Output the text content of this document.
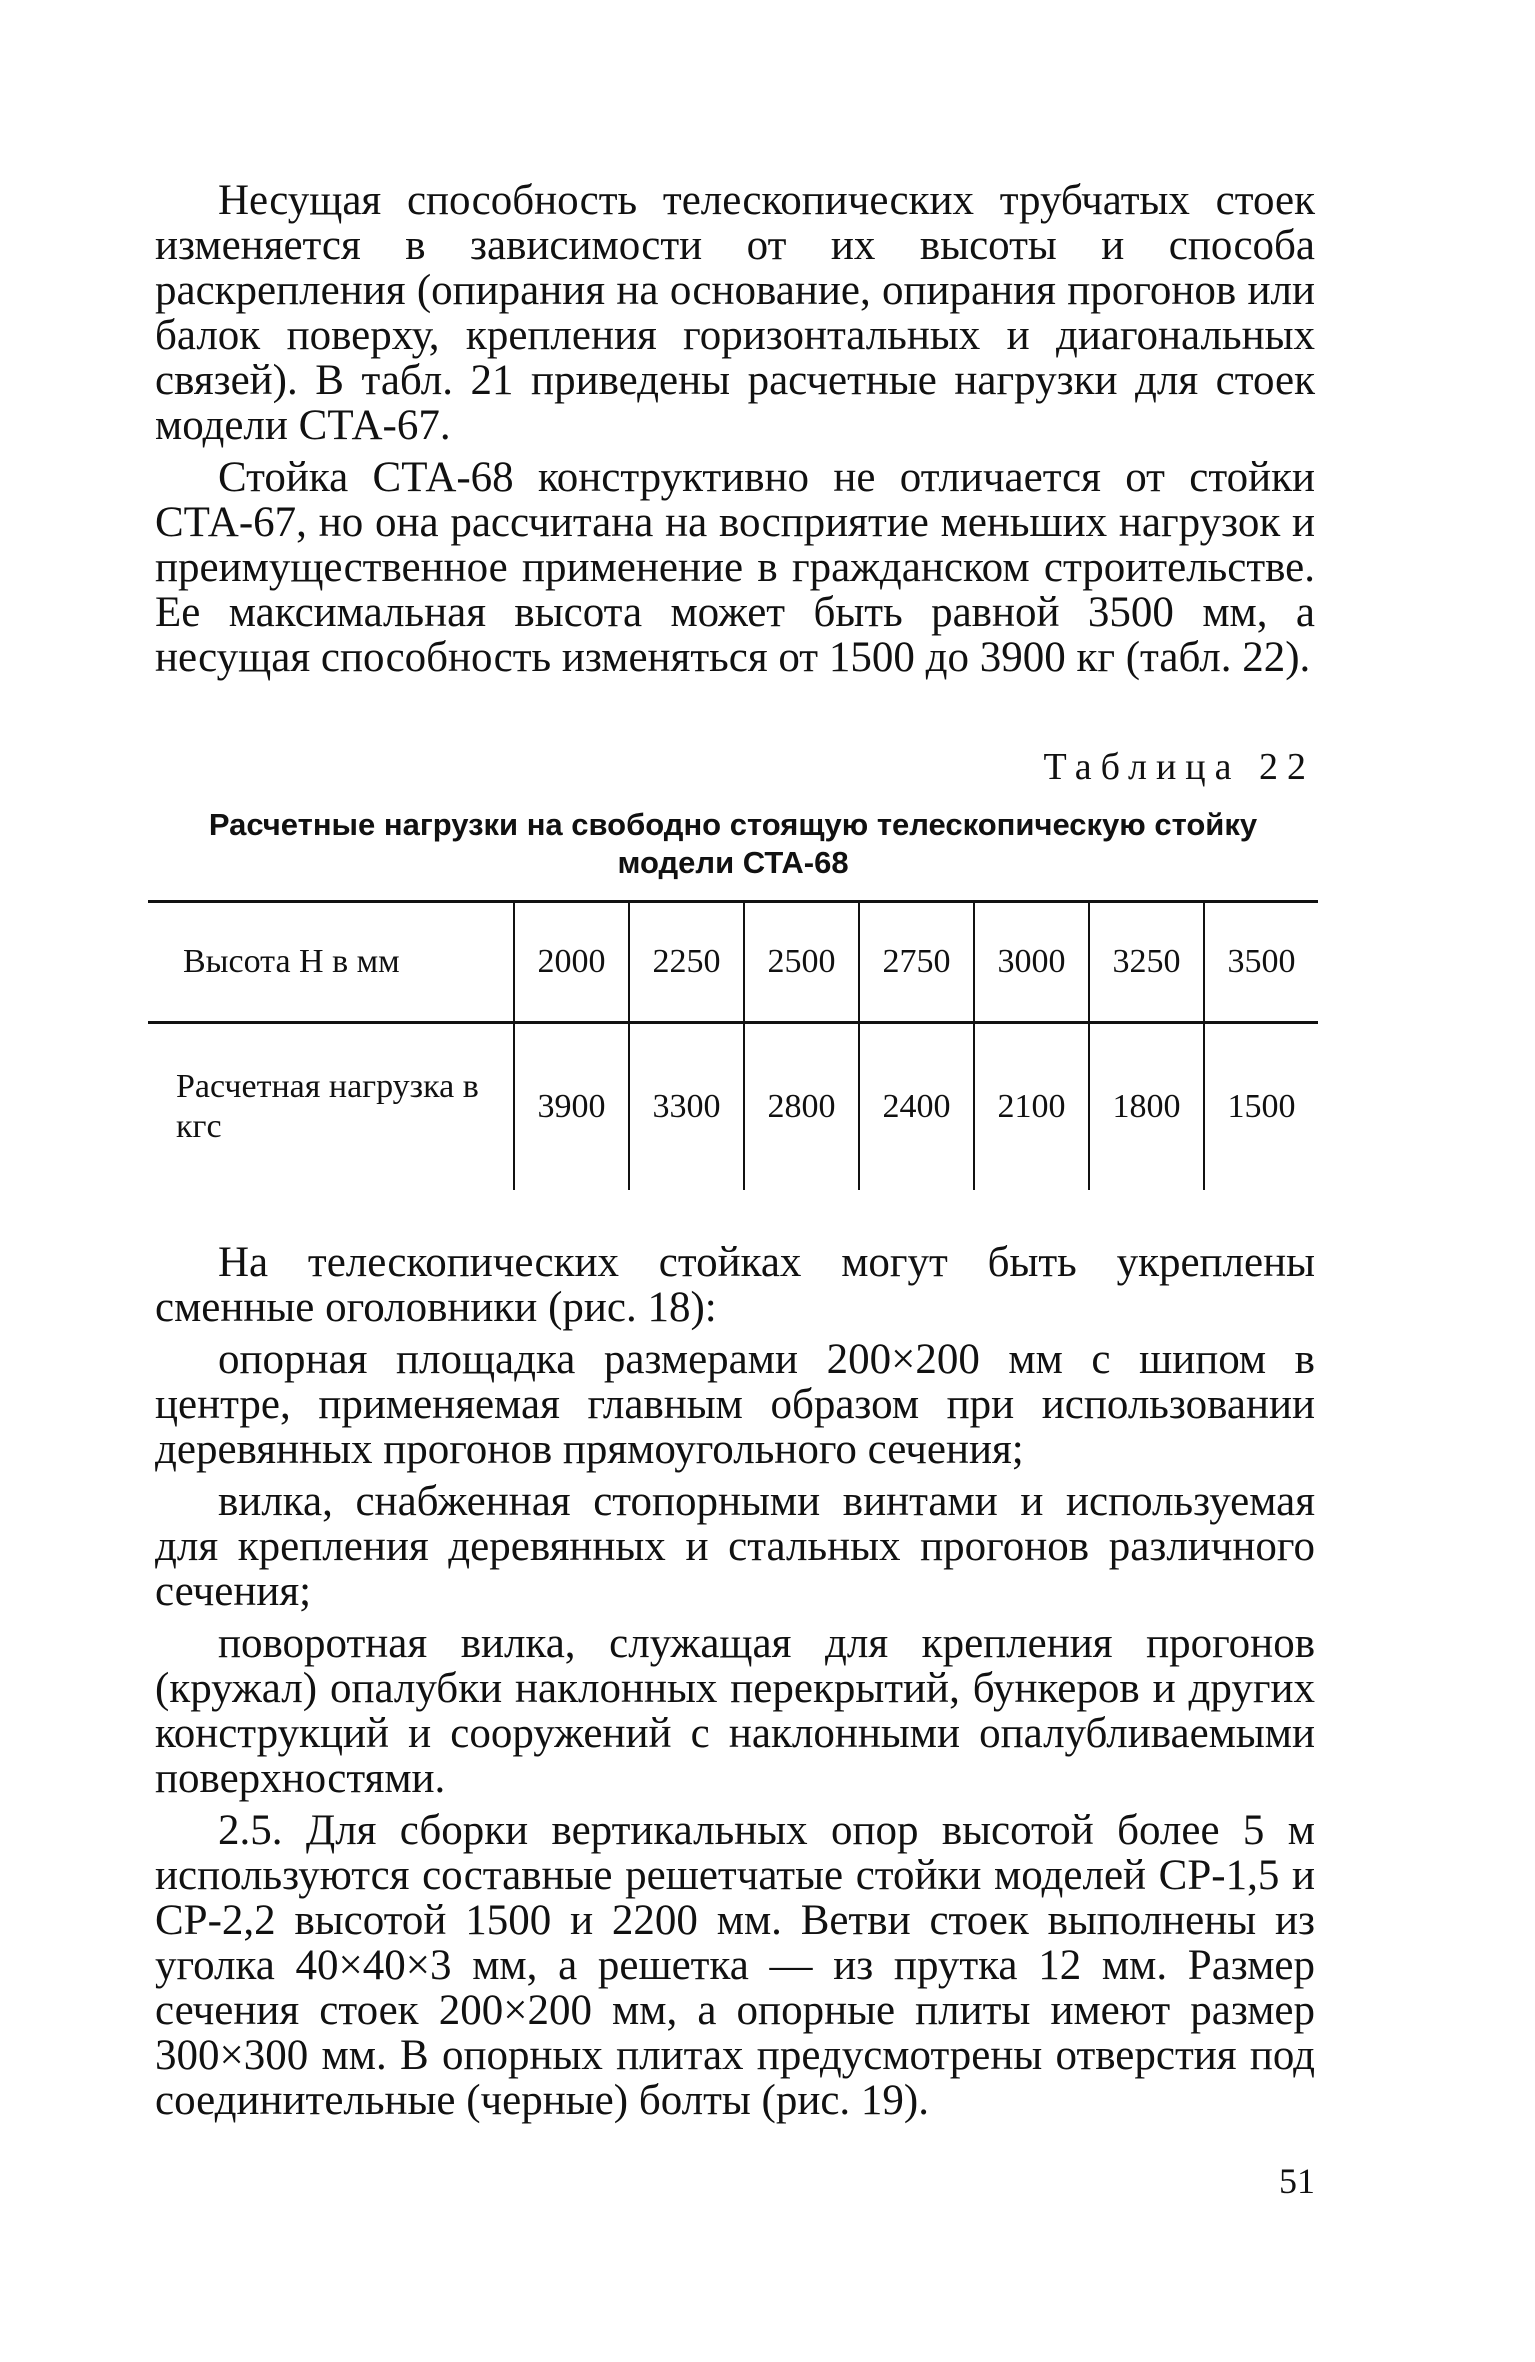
Несущая способность телескопических трубчатых стоек изменяется в зависимости от их высоты и способа раскрепления (опирания на основание, опирания прогонов или балок поверху, крепления горизонтальных и диагональных связей). В табл. 21 приведены расчетные нагрузки для стоек модели СТА-67.

Стойка СТА-68 конструктивно не отличается от стойки СТА-67, но она рассчитана на восприятие меньших нагрузок и преимущественное применение в гражданском строительстве. Ее максимальная высота может быть равной 3500 мм, а несущая способность изменяться от 1500 до 3900 кг (табл. 22).

Таблица 22
Расчетные нагрузки на свободно стоящую телескопическую стойку модели СТА-68
Высота H в мм	2000	2250	2500	2750	3000	3250	3500
Расчетная нагрузка в кгс	3900	3300	2800	2400	2100	1800	1500

На телескопических стойках могут быть укреплены сменные оголовники (рис. 18):

опорная площадка размерами 200×200 мм с шипом в центре, применяемая главным образом при использовании деревянных прогонов прямоугольного сечения;

вилка, снабженная стопорными винтами и используемая для крепления деревянных и стальных прогонов различного сечения;

поворотная вилка, служащая для крепления прогонов (кружал) опалубки наклонных перекрытий, бункеров и других конструкций и сооружений с наклонными опалубливаемыми поверхностями.

2.5. Для сборки вертикальных опор высотой более 5 м используются составные решетчатые стойки моделей СР-1,5 и СР-2,2 высотой 1500 и 2200 мм. Ветви стоек выполнены из уголка 40×40×3 мм, а решетка — из прутка 12 мм. Размер сечения стоек 200×200 мм, а опорные плиты имеют размер 300×300 мм. В опорных плитах предусмотрены отверстия под соединительные (черные) болты (рис. 19).

51
